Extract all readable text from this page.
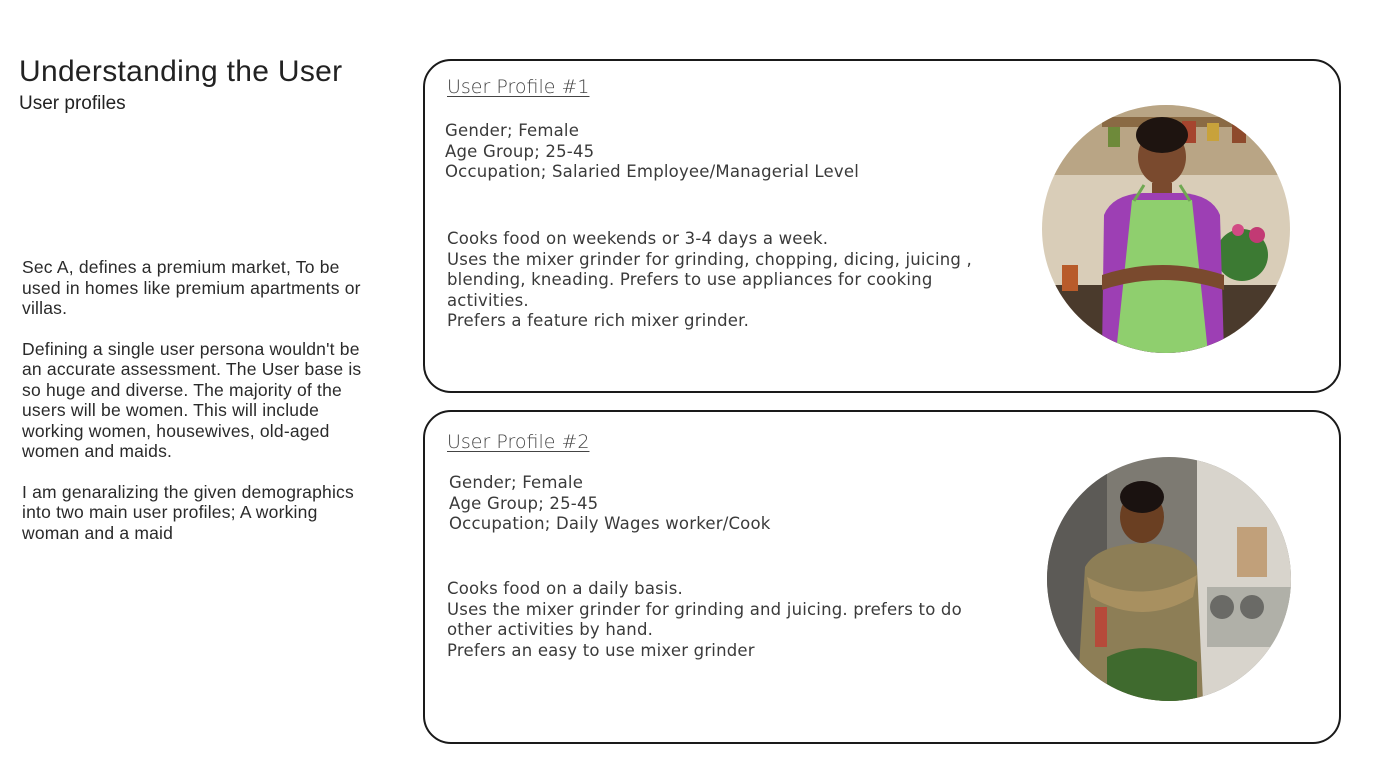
Understanding the User
User profiles

Sec A, defines a premium market, To be used in homes like premium apartments or villas.

Defining a single user persona wouldn't be an accurate assessment. The User base is so huge and diverse. The majority of the users will be women. This will include working women, housewives, old-aged women and maids.

I am genaralizing the given demographics into two main user profiles; A working woman and a maid

User Profile #1
Gender; Female
Age Group; 25-45
Occupation; Salaried Employee/Managerial Level
Cooks food on weekends or 3-4 days a week.
Uses the mixer grinder for grinding, chopping, dicing, juicing ,
blending, kneading. Prefers to use appliances for cooking
activities.
Prefers a feature rich mixer grinder.
User Profile #2
Gender; Female
Age Group; 25-45
Occupation; Daily Wages worker/Cook
Cooks food on a daily basis.
Uses the mixer grinder for grinding and juicing. prefers to do
other activities by hand.
Prefers an easy to use mixer grinder
